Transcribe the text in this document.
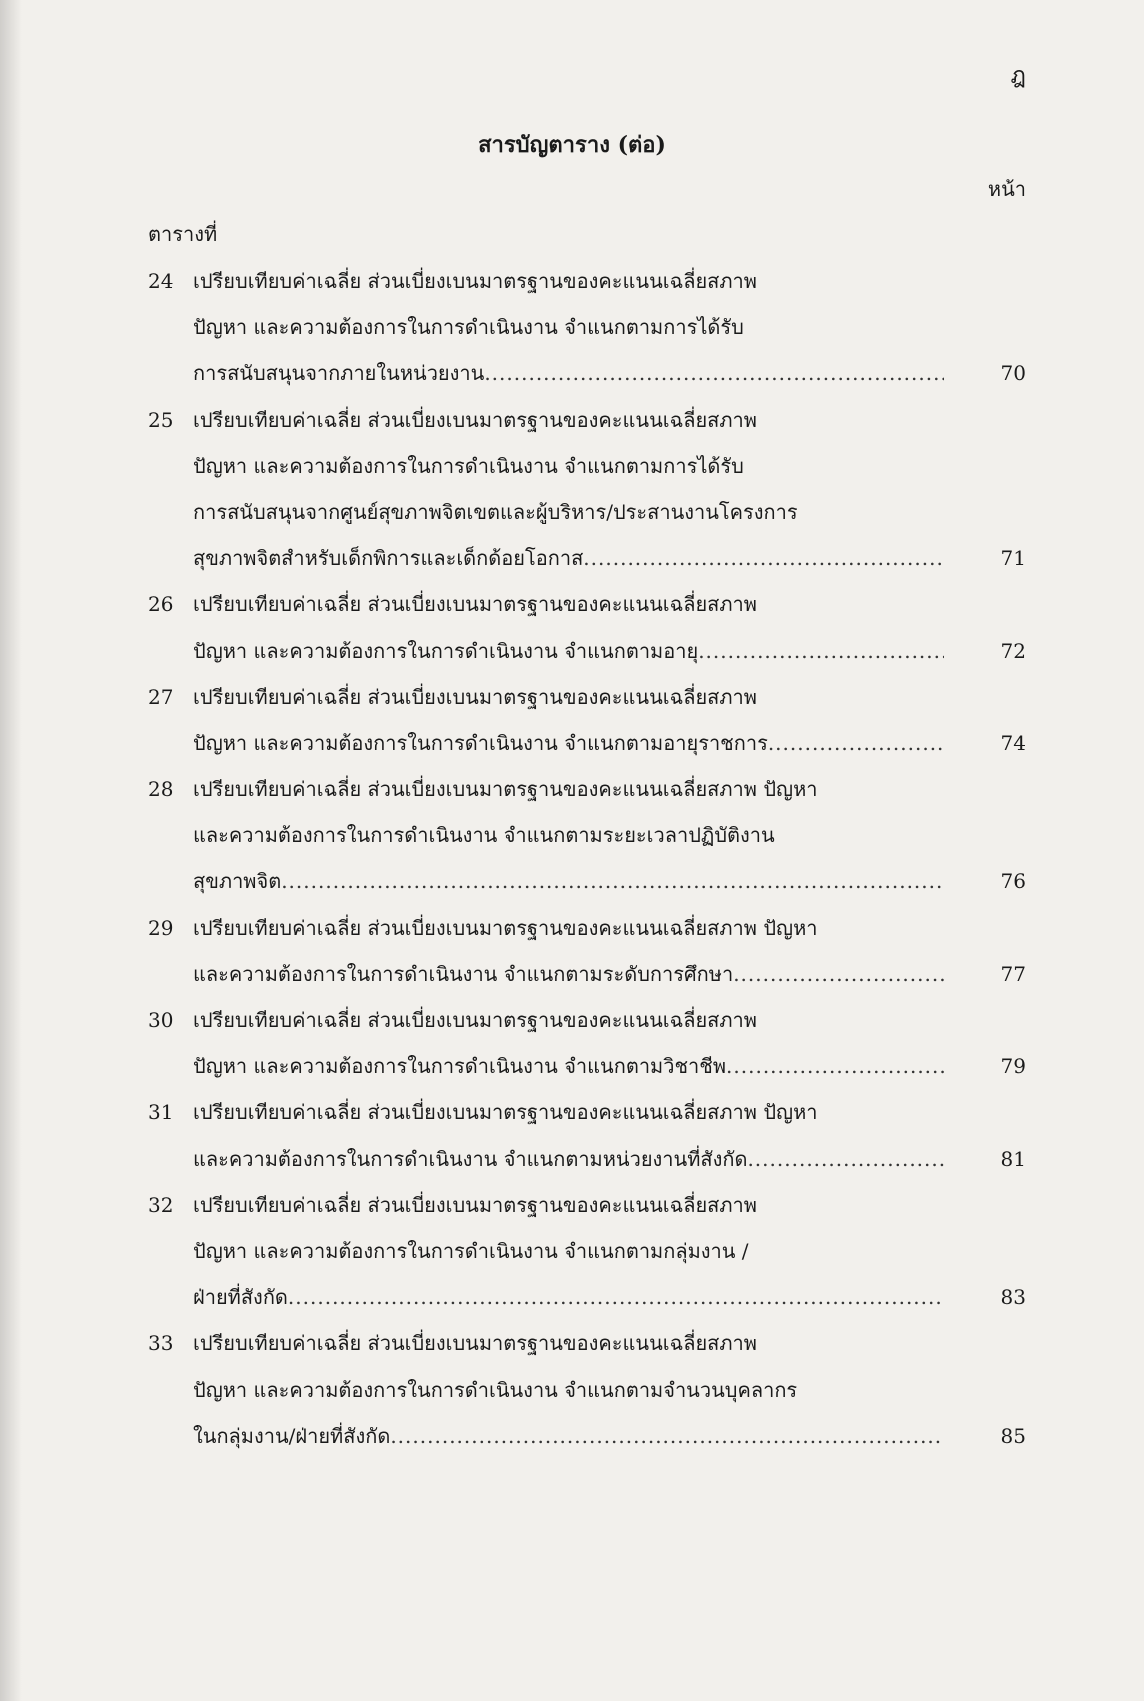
ฎ
สารบัญตาราง (ต่อ)
หน้า
ตารางที่
24 เปรียบเทียบค่าเฉลี่ย ส่วนเบี่ยงเบนมาตรฐานของคะแนนเฉลี่ยสภาพ
ปัญหา และความต้องการในการดำเนินงาน จำแนกตามการได้รับ
การสนับสนุนจากภายในหน่วยงาน .....	70
25 เปรียบเทียบค่าเฉลี่ย ส่วนเบี่ยงเบนมาตรฐานของคะแนนเฉลี่ยสภาพ
ปัญหา และความต้องการในการดำเนินงาน จำแนกตามการได้รับ
การสนับสนุนจากศูนย์สุขภาพจิตเขตและผู้บริหาร/ประสานงานโครงการ
สุขภาพจิตสำหรับเด็กพิการและเด็กด้อยโอกาส .....	71
26 เปรียบเทียบค่าเฉลี่ย ส่วนเบี่ยงเบนมาตรฐานของคะแนนเฉลี่ยสภาพ
ปัญหา และความต้องการในการดำเนินงาน จำแนกตามอายุ .....	72
27 เปรียบเทียบค่าเฉลี่ย ส่วนเบี่ยงเบนมาตรฐานของคะแนนเฉลี่ยสภาพ
ปัญหา และความต้องการในการดำเนินงาน จำแนกตามอายุราชการ .....	74
28 เปรียบเทียบค่าเฉลี่ย ส่วนเบี่ยงเบนมาตรฐานของคะแนนเฉลี่ยสภาพ ปัญหา
และความต้องการในการดำเนินงาน จำแนกตามระยะเวลาปฏิบัติงาน
สุขภาพจิต .....	76
29 เปรียบเทียบค่าเฉลี่ย ส่วนเบี่ยงเบนมาตรฐานของคะแนนเฉลี่ยสภาพ ปัญหา
และความต้องการในการดำเนินงาน จำแนกตามระดับการศึกษา .....	77
30 เปรียบเทียบค่าเฉลี่ย ส่วนเบี่ยงเบนมาตรฐานของคะแนนเฉลี่ยสภาพ
ปัญหา และความต้องการในการดำเนินงาน จำแนกตามวิชาชีพ .....	79
31 เปรียบเทียบค่าเฉลี่ย ส่วนเบี่ยงเบนมาตรฐานของคะแนนเฉลี่ยสภาพ ปัญหา
และความต้องการในการดำเนินงาน จำแนกตามหน่วยงานที่สังกัด .....	81
32 เปรียบเทียบค่าเฉลี่ย ส่วนเบี่ยงเบนมาตรฐานของคะแนนเฉลี่ยสภาพ
ปัญหา และความต้องการในการดำเนินงาน จำแนกตามกลุ่มงาน /
ฝ่ายที่สังกัด .....	83
33 เปรียบเทียบค่าเฉลี่ย ส่วนเบี่ยงเบนมาตรฐานของคะแนนเฉลี่ยสภาพ
ปัญหา และความต้องการในการดำเนินงาน จำแนกตามจำนวนบุคลากร
ในกลุ่มงาน/ฝ่ายที่สังกัด .....	85
